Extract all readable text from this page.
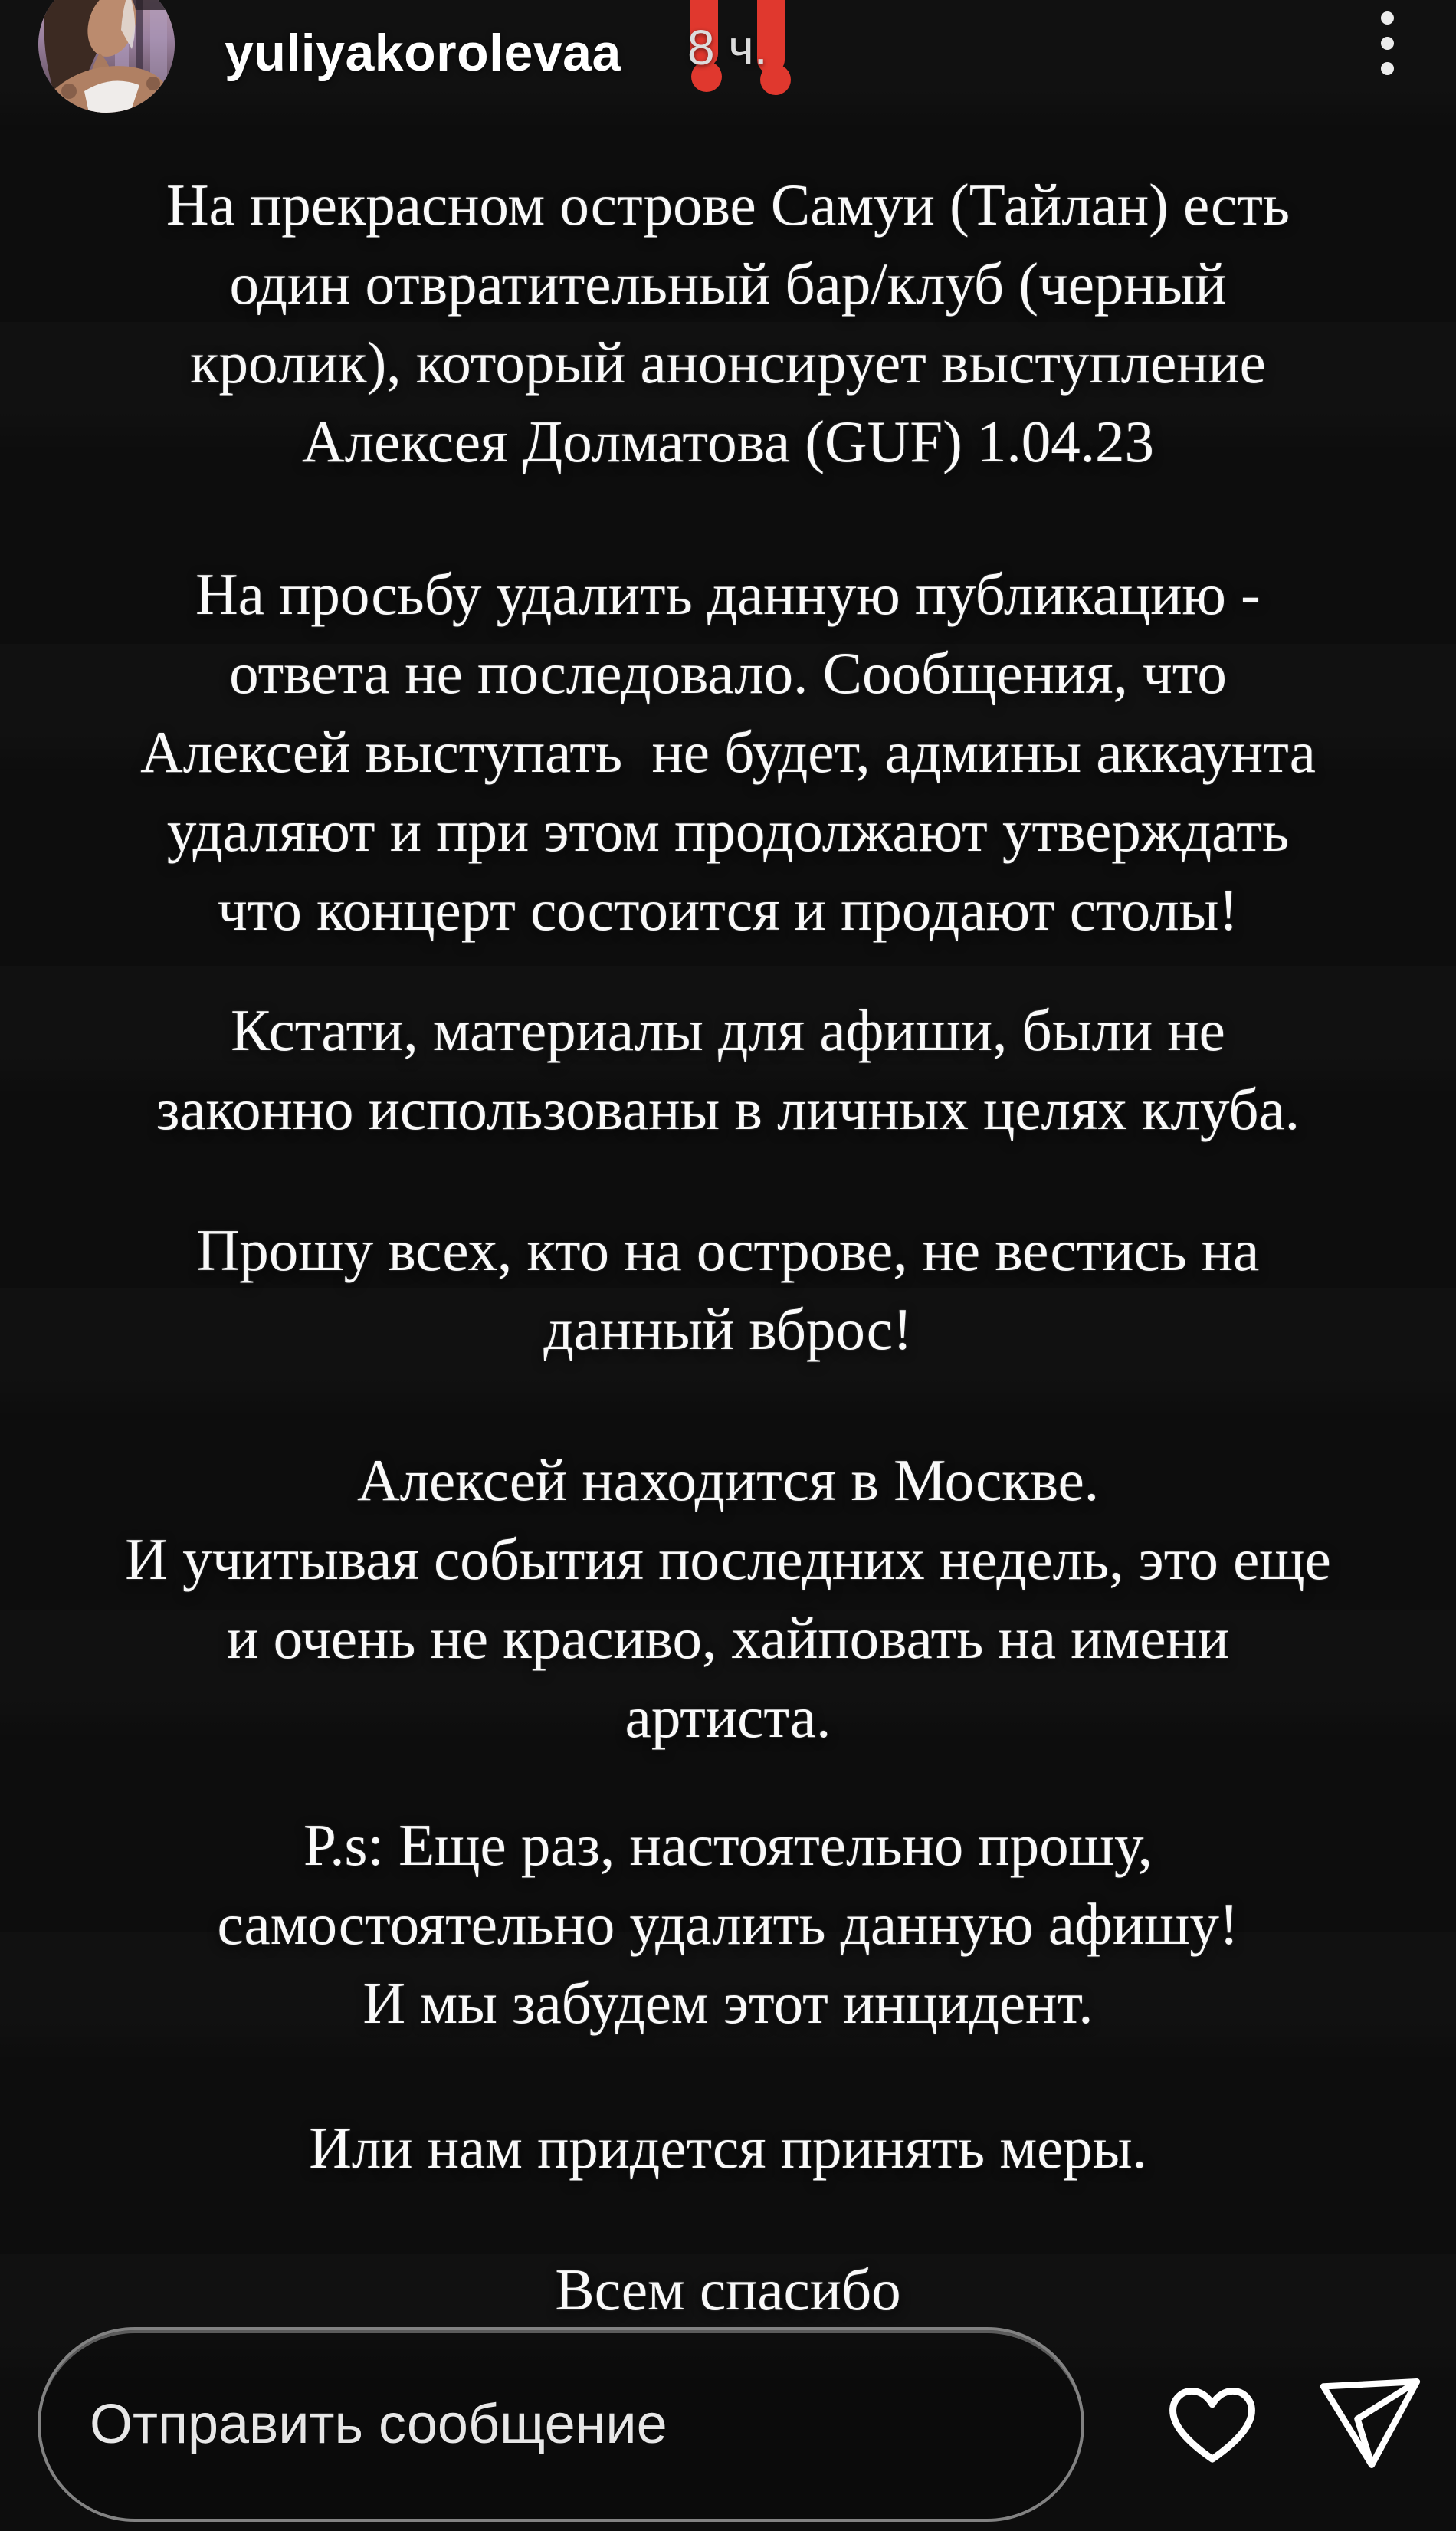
yuliyakorolevaa 8 ч.
На прекрасном острове Самуи (Тайлан) есть
один отвратительный бар/клуб (черный
кролик), который анонсирует выступление
Алексея Долматова (GUF) 1.04.23
На просьбу удалить данную публикацию -
ответа не последовало. Сообщения, что
Алексей выступать  не будет, админы аккаунта
удаляют и при этом продолжают утверждать
что концерт состоится и продают столы!
Кстати, материалы для афиши, были не
законно использованы в личных целях клуба.
Прошу всех, кто на острове, не вестись на
данный вброс!
Алексей находится в Москве.
И учитывая события последних недель, это еще
и очень не красиво, хайповать на имени
артиста.
P.s: Еще раз, настоятельно прошу,
самостоятельно удалить данную афишу!
И мы забудем этот инцидент.
Или нам придется принять меры.
Всем спасибо
Отправить сообщение
